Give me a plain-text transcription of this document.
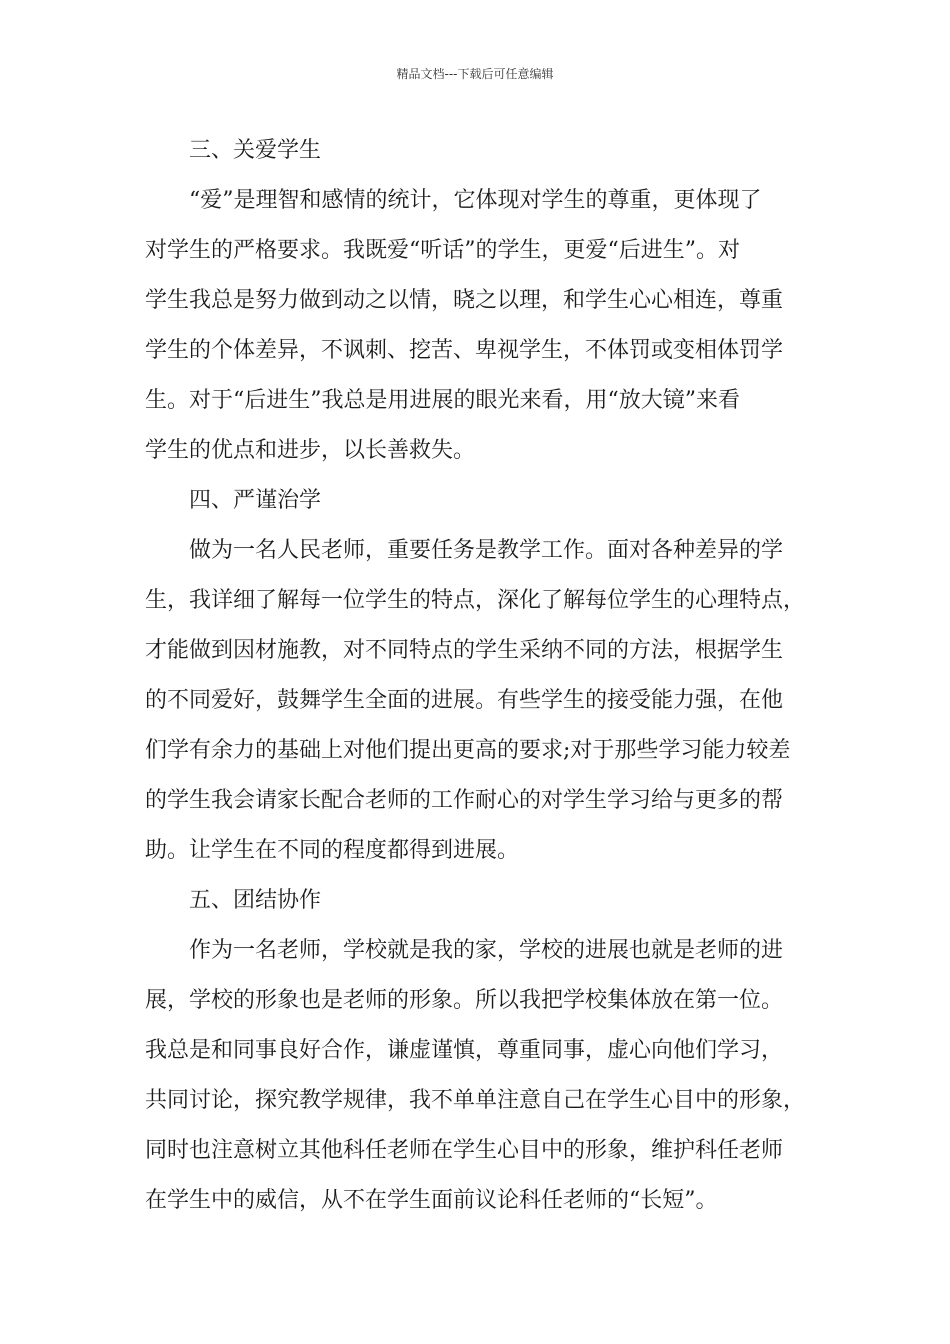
精品文档---下载后可任意编辑
三、关爱学生
“爱”是理智和感情的统计，它体现对学生的尊重，更体现了
对学生的严格要求。我既爱“听话”的学生，更爱“后进生”。对
学生我总是努力做到动之以情，晓之以理，和学生心心相连，尊重
学生的个体差异，不讽刺、挖苦、卑视学生，不体罚或变相体罚学
生。对于“后进生”我总是用进展的眼光来看，用“放大镜”来看
学生的优点和进步，以长善救失。
四、严谨治学
做为一名人民老师，重要任务是教学工作。面对各种差异的学
生，我详细了解每一位学生的特点，深化了解每位学生的心理特点，
才能做到因材施教，对不同特点的学生采纳不同的方法，根据学生
的不同爱好，鼓舞学生全面的进展。有些学生的接受能力强，在他
们学有余力的基础上对他们提出更高的要求;对于那些学习能力较差
的学生我会请家长配合老师的工作耐心的对学生学习给与更多的帮
助。让学生在不同的程度都得到进展。
五、团结协作
作为一名老师，学校就是我的家，学校的进展也就是老师的进
展，学校的形象也是老师的形象。所以我把学校集体放在第一位。
我总是和同事良好合作，谦虚谨慎，尊重同事，虚心向他们学习，
共同讨论，探究教学规律，我不单单注意自己在学生心目中的形象，
同时也注意树立其他科任老师在学生心目中的形象，维护科任老师
在学生中的威信，从不在学生面前议论科任老师的“长短”。
